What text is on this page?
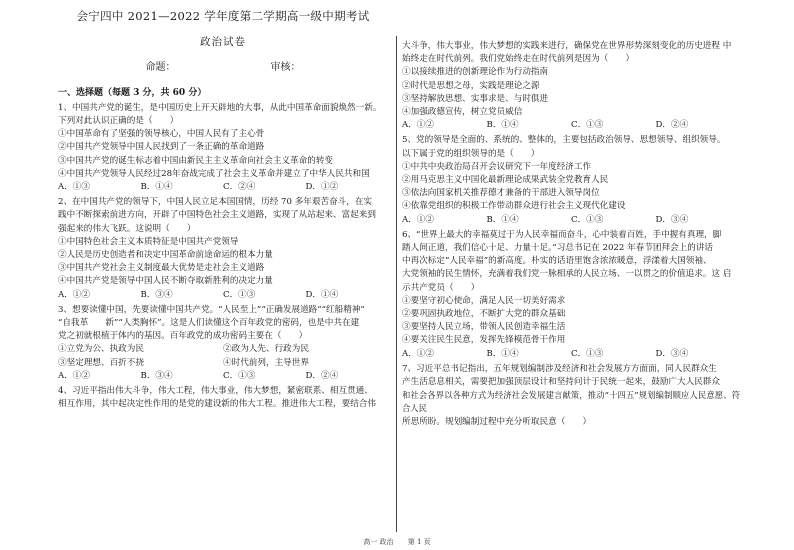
会宁四中 2021—2022 学年度第二学期高一级中期考试
政治试卷
命题：	审核：
一、选择题（每题 3 分，共 60 分）

1、中国共产党的诞生，是中国历史上开天辟地的大事，从此中国革命面貌焕然一新。

下列对此认识正确的是（　　）

①中国革命有了坚强的领导核心，中国人民有了主心骨

②中国共产党领导中国人民找到了一条正确的革命道路

③中国共产党的诞生标志着中国由新民主主义革命向社会主义革命的转变

④中国共产党领导人民经过28年奋战完成了社会主义革命并建立了中华人民共和国

A．①③	B．①④	C．②④	D．①②

2、在中国共产党的领导下，中国人民立足本国国情，历经 70 多年艰苦奋斗，在实

践中不断探索前进方向，开辟了中国特色社会主义道路，实现了从站起来、富起来到

强起来的伟大飞跃。这说明（　　）

①中国特色社会主义本质特征是中国共产党领导

②人民是历史创造者和决定中国革命前途命运的根本力量

③中国共产党社会主义制度最大优势是走社会主义道路

④中国共产党是领导中国人民不断夺取新胜利的决定力量

A．①②	B．③④	C．①③	D．①④

3、想要读懂中国，先要读懂中国共产党。“人民至上”“正确发展道路”“红船精神”

“自我革　　新”“人类胸怀”。这是人们读懂这个百年政党的密码，也是中共在建

党之初就根植于体内的基因。百年政党的成功密码主要在（　　）

①立党为公、执政为民	②政为人先、行政为民
③坚定理想、百折不挠	④时代前列，主导世界
A．①②	B．③④	C．①③	D．②④

4、习近平指出伟大斗争，伟大工程，伟大事业，伟大梦想，紧密联系、相互贯通、

相互作用，其中起决定性作用的是党的建设新的伟大工程。推进伟大工程，要结合伟

大斗争，伟大事业，伟大梦想的实践来进行，确保党在世界形势深刻变化的历史进程 中

始终走在时代前列。我们党始终走在时代前列是因为（　　）

①以接续推进的创新理论作为行动指南

②时代是思想之母，实践是理论之源

③坚持解放思想、实事求是、与时俱进

④加强政德宣传，树立党员威信

A．①②	B．①④	C．①③	D．②④

5、党的领导是全面的、系统的、整体的，主要包括政治领导、思想领导、组织领导。

以下属于党的组织领导的是（　　）

①中共中央政治局召开会议研究下一年度经济工作

②用马克思主义中国化最新理论成果武装全党教育人民

③依法向国家机关推荐德才兼备的干部进入领导岗位

④依靠党组织的积极工作带动群众进行社会主义现代化建设

A．①②	B．①④	C．①③	D．③④

6、“世界上最大的幸福莫过于为人民幸福而奋斗，心中装着百姓，手中握有真理，脚

踏人间正道，我们信心十足、力量十足。”习总书记在 2022 年春节团拜会上的讲话

中再次标定“人民幸福”的新高度。朴实的话语里饱含浓浓暖意，浮漾着大国领袖、

大党领袖的民生情怀，充满着我们党一脉相承的人民立场、一以贯之的价值追求。这 启

示共产党员（　　）

①要坚守初心使命，满足人民一切美好需求

②要巩固执政地位，不断扩大党的群众基础

③要坚持人民立场，带领人民创造幸福生活

④要关注民生民意，发挥先锋模范骨干作用

A．①②	B．①④	C．①③	D．③④

7、习近平总书记指出，五年规划编制涉及经济和社会发展方方面面，同人民群众生

产生活息息相关，需要把加强顶层设计和坚持问计于民统一起来，鼓励广大人民群众

和社会各界以各种方式为经济社会发展建言献策，推动“十四五”规划编制顺应人民意愿、符合人民

所思所盼。规划编制过程中充分听取民意（　　）

高一 政治 第 1 页
